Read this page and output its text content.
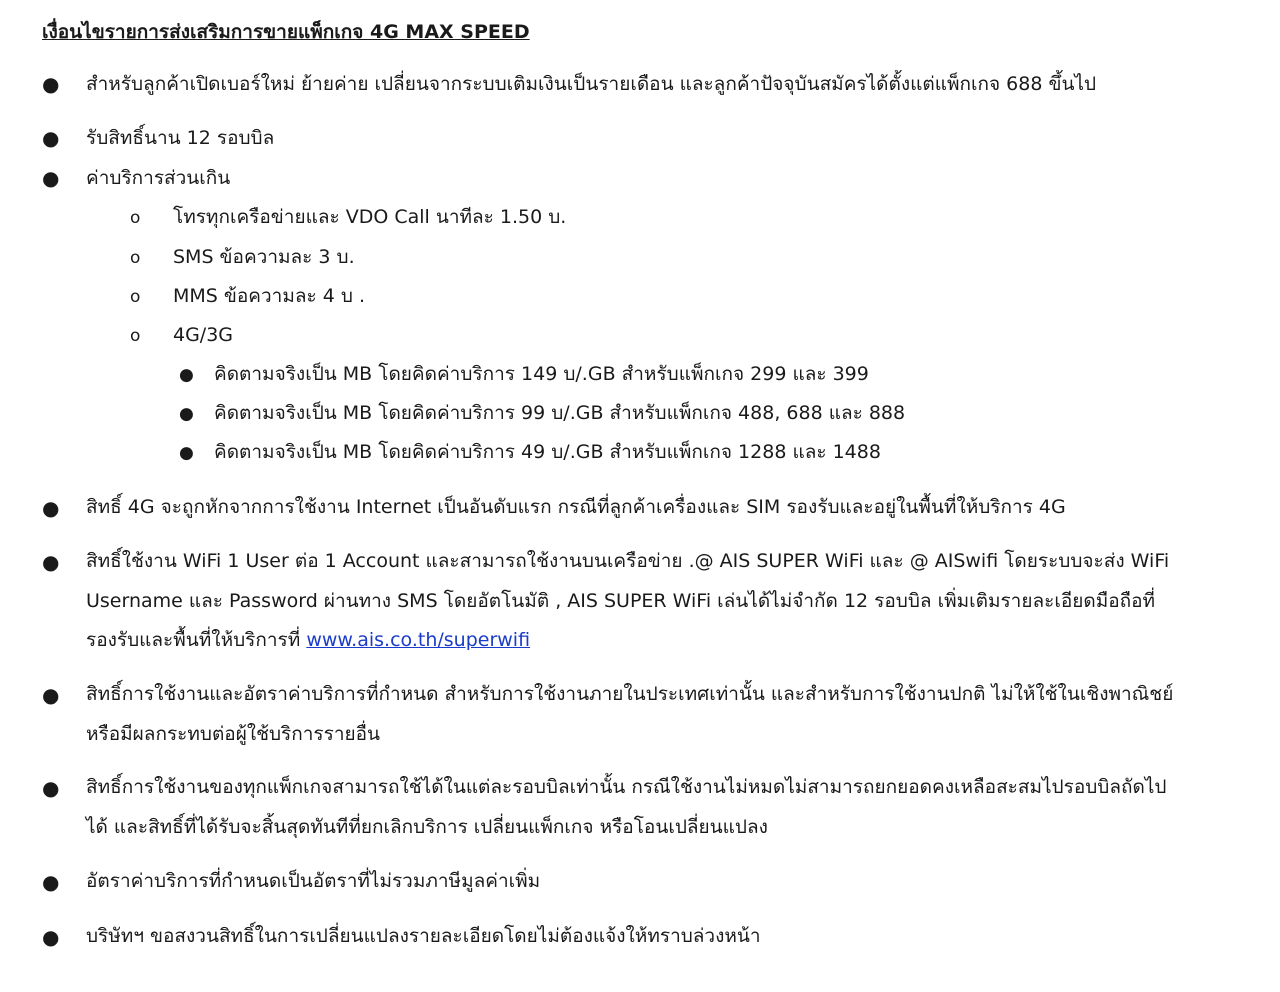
เงื่อนไขรายการส่งเสริมการขายแพ็กเกจ 4G MAX SPEED
● สำหรับลูกค้าเปิดเบอร์ใหม่ ย้ายค่าย เปลี่ยนจากระบบเติมเงินเป็นรายเดือน และลูกค้าปัจจุบันสมัครได้ตั้งแต่แพ็กเกจ 688 ขึ้นไป
● รับสิทธิ์นาน 12 รอบบิล
● ค่าบริการส่วนเกิน
o โทรทุกเครือข่ายและ VDO Call นาทีละ 1.50 บ.
o SMS ข้อความละ 3 บ.
o MMS ข้อความละ 4 บ .
o 4G/3G
● คิดตามจริงเป็น MB โดยคิดค่าบริการ 149 บ/.GB สำหรับแพ็กเกจ 299 และ 399
● คิดตามจริงเป็น MB โดยคิดค่าบริการ 99 บ/.GB สำหรับแพ็กเกจ 488, 688 และ 888
● คิดตามจริงเป็น MB โดยคิดค่าบริการ 49 บ/.GB สำหรับแพ็กเกจ 1288 และ 1488
● สิทธิ์ 4G จะถูกหักจากการใช้งาน Internet เป็นอันดับแรก กรณีที่ลูกค้าเครื่องและ SIM รองรับและอยู่ในพื้นที่ให้บริการ 4G
● สิทธิ์ใช้งาน WiFi 1 User ต่อ 1 Account และสามารถใช้งานบนเครือข่าย .@ AIS SUPER WiFi และ @ AISwifi โดยระบบจะส่ง WiFi
Username และ Password ผ่านทาง SMS โดยอัตโนมัติ , AIS SUPER WiFi เล่นได้ไม่จำกัด 12 รอบบิล เพิ่มเติมรายละเอียดมือถือที่
รองรับและพื้นที่ให้บริการที่ www.ais.co.th/superwifi
● สิทธิ์การใช้งานและอัตราค่าบริการที่กำหนด สำหรับการใช้งานภายในประเทศเท่านั้น และสำหรับการใช้งานปกติ ไม่ให้ใช้ในเชิงพาณิชย์
หรือมีผลกระทบต่อผู้ใช้บริการรายอื่น
● สิทธิ์การใช้งานของทุกแพ็กเกจสามารถใช้ได้ในแต่ละรอบบิลเท่านั้น กรณีใช้งานไม่หมดไม่สามารถยกยอดคงเหลือสะสมไปรอบบิลถัดไป
ได้ และสิทธิ์ที่ได้รับจะสิ้นสุดทันทีที่ยกเลิกบริการ เปลี่ยนแพ็กเกจ หรือโอนเปลี่ยนแปลง
● อัตราค่าบริการที่กำหนดเป็นอัตราที่ไม่รวมภาษีมูลค่าเพิ่ม
● บริษัทฯ ขอสงวนสิทธิ์ในการเปลี่ยนแปลงรายละเอียดโดยไม่ต้องแจ้งให้ทราบล่วงหน้า
